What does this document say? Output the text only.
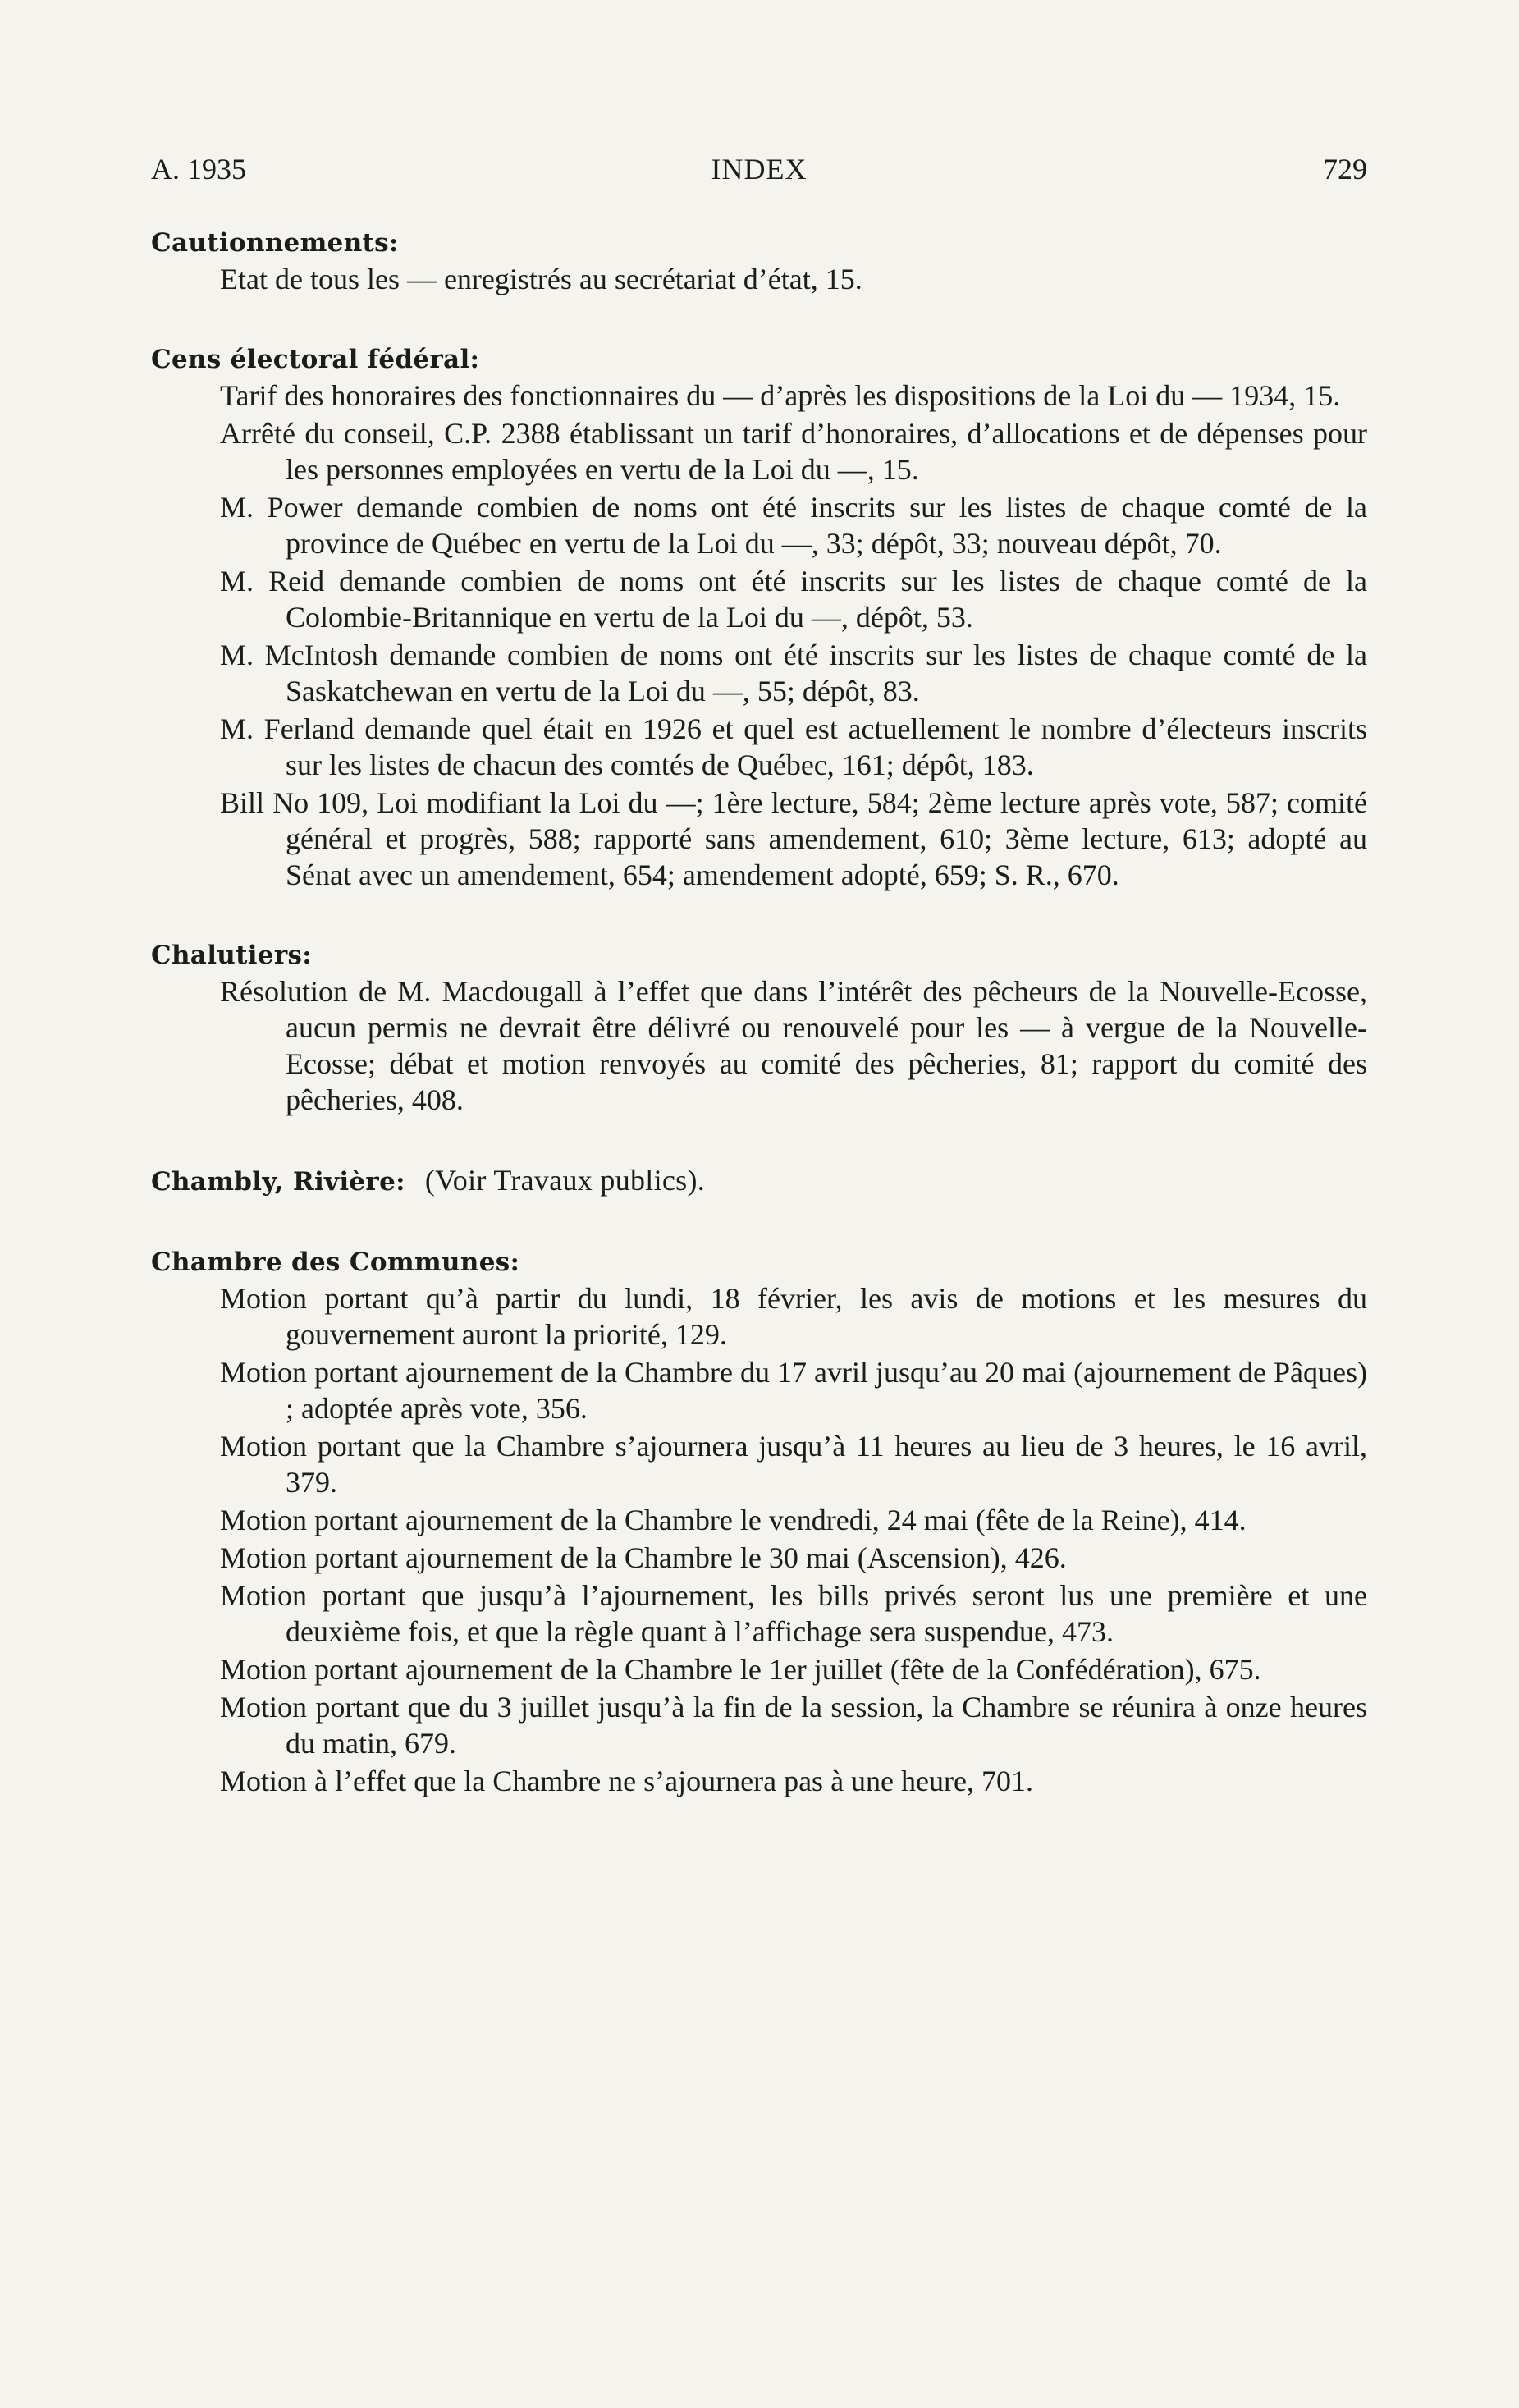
A. 1935	INDEX	729
Cautionnements:
Etat de tous les — enregistrés au secrétariat d’état, 15.
Cens électoral fédéral:
Tarif des honoraires des fonctionnaires du — d’après les dispositions de la Loi du — 1934, 15.
Arrêté du conseil, C.P. 2388 établissant un tarif d’honoraires, d’allocations et de dépenses pour les personnes employées en vertu de la Loi du —, 15.
M. Power demande combien de noms ont été inscrits sur les listes de chaque comté de la province de Québec en vertu de la Loi du —, 33; dépôt, 33; nouveau dépôt, 70.
M. Reid demande combien de noms ont été inscrits sur les listes de chaque comté de la Colombie-Britannique en vertu de la Loi du —, dépôt, 53.
M. McIntosh demande combien de noms ont été inscrits sur les listes de chaque comté de la Saskatchewan en vertu de la Loi du —, 55; dépôt, 83.
M. Ferland demande quel était en 1926 et quel est actuellement le nombre d’électeurs inscrits sur les listes de chacun des comtés de Québec, 161; dépôt, 183.
Bill No 109, Loi modifiant la Loi du —; 1ère lecture, 584; 2ème lecture après vote, 587; comité général et progrès, 588; rapporté sans amendement, 610; 3ème lecture, 613; adopté au Sénat avec un amendement, 654; amendement adopté, 659; S. R., 670.
Chalutiers:
Résolution de M. Macdougall à l’effet que dans l’intérêt des pêcheurs de la Nouvelle-Ecosse, aucun permis ne devrait être délivré ou renouvelé pour les — à vergue de la Nouvelle-Ecosse; débat et motion renvoyés au comité des pêcheries, 81; rapport du comité des pêcheries, 408.
Chambly, Rivière: (Voir Travaux publics).
Chambre des Communes:
Motion portant qu’à partir du lundi, 18 février, les avis de motions et les mesures du gouvernement auront la priorité, 129.
Motion portant ajournement de la Chambre du 17 avril jusqu’au 20 mai (ajournement de Pâques) ; adoptée après vote, 356.
Motion portant que la Chambre s’ajournera jusqu’à 11 heures au lieu de 3 heures, le 16 avril, 379.
Motion portant ajournement de la Chambre le vendredi, 24 mai (fête de la Reine), 414.
Motion portant ajournement de la Chambre le 30 mai (Ascension), 426.
Motion portant que jusqu’à l’ajournement, les bills privés seront lus une première et une deuxième fois, et que la règle quant à l’affichage sera suspendue, 473.
Motion portant ajournement de la Chambre le 1er juillet (fête de la Confédération), 675.
Motion portant que du 3 juillet jusqu’à la fin de la session, la Chambre se réunira à onze heures du matin, 679.
Motion à l’effet que la Chambre ne s’ajournera pas à une heure, 701.
